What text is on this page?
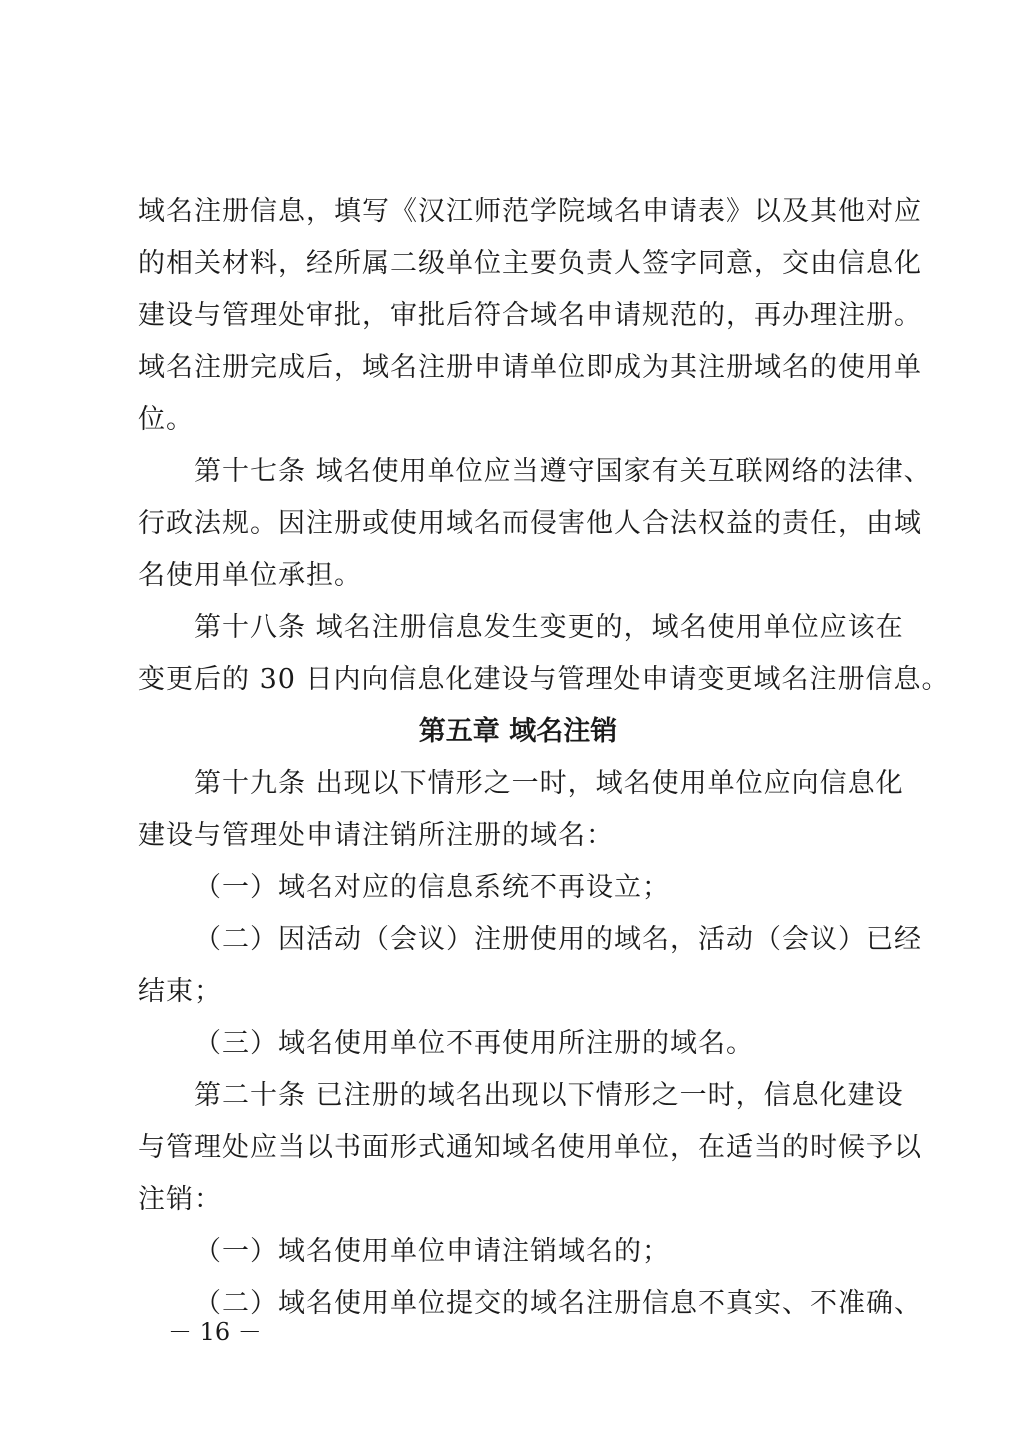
域名注册信息，填写《汉江师范学院域名申请表》以及其他对应
的相关材料，经所属二级单位主要负责人签字同意，交由信息化
建设与管理处审批，审批后符合域名申请规范的，再办理注册。
域名注册完成后，域名注册申请单位即成为其注册域名的使用单
位。
第十七条 域名使用单位应当遵守国家有关互联网络的法律、
行政法规。因注册或使用域名而侵害他人合法权益的责任，由域
名使用单位承担。
第十八条 域名注册信息发生变更的，域名使用单位应该在
变更后的 30 日内向信息化建设与管理处申请变更域名注册信息。
第五章 域名注销
第十九条 出现以下情形之一时，域名使用单位应向信息化
建设与管理处申请注销所注册的域名：
（一）域名对应的信息系统不再设立；
（二）因活动（会议）注册使用的域名，活动（会议）已经
结束；
（三）域名使用单位不再使用所注册的域名。
第二十条 已注册的域名出现以下情形之一时，信息化建设
与管理处应当以书面形式通知域名使用单位，在适当的时候予以
注销：
（一）域名使用单位申请注销域名的；
（二）域名使用单位提交的域名注册信息不真实、不准确、
－ 16 －
